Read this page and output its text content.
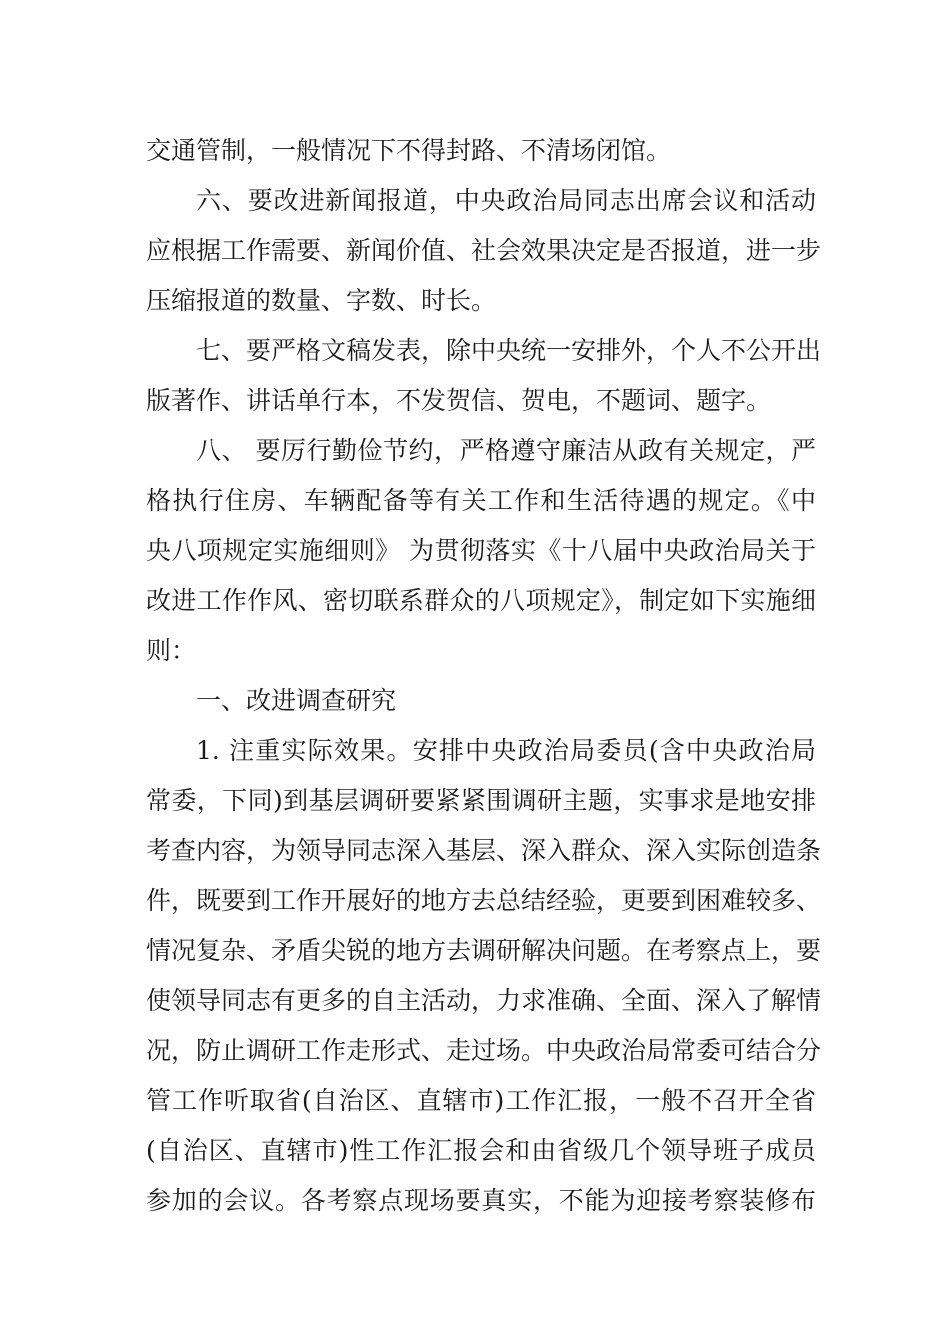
交通管制，一般情况下不得封路、不清场闭馆。
六、要改进新闻报道，中央政治局同志出席会议和活动
应根据工作需要、新闻价值、社会效果决定是否报道，进一步
压缩报道的数量、字数、时长。
七、要严格文稿发表，除中央统一安排外，个人不公开出
版著作、讲话单行本，不发贺信、贺电，不题词、题字。
八、 要厉行勤俭节约，严格遵守廉洁从政有关规定，严
格执行住房、车辆配备等有关工作和生活待遇的规定。《中
央八项规定实施细则》 为贯彻落实《十八届中央政治局关于
改进工作作风、密切联系群众的八项规定》，制定如下实施细
则：
一、改进调查研究
1. 注重实际效果。安排中央政治局委员(含中央政治局
常委，下同)到基层调研要紧紧围调研主题，实事求是地安排
考查内容，为领导同志深入基层、深入群众、深入实际创造条
件，既要到工作开展好的地方去总结经验，更要到困难较多、
情况复杂、矛盾尖锐的地方去调研解决问题。在考察点上，要
使领导同志有更多的自主活动，力求准确、全面、深入了解情
况，防止调研工作走形式、走过场。中央政治局常委可结合分
管工作听取省(自治区、直辖市)工作汇报，一般不召开全省
(自治区、直辖市)性工作汇报会和由省级几个领导班子成员
参加的会议。各考察点现场要真实，不能为迎接考察装修布
